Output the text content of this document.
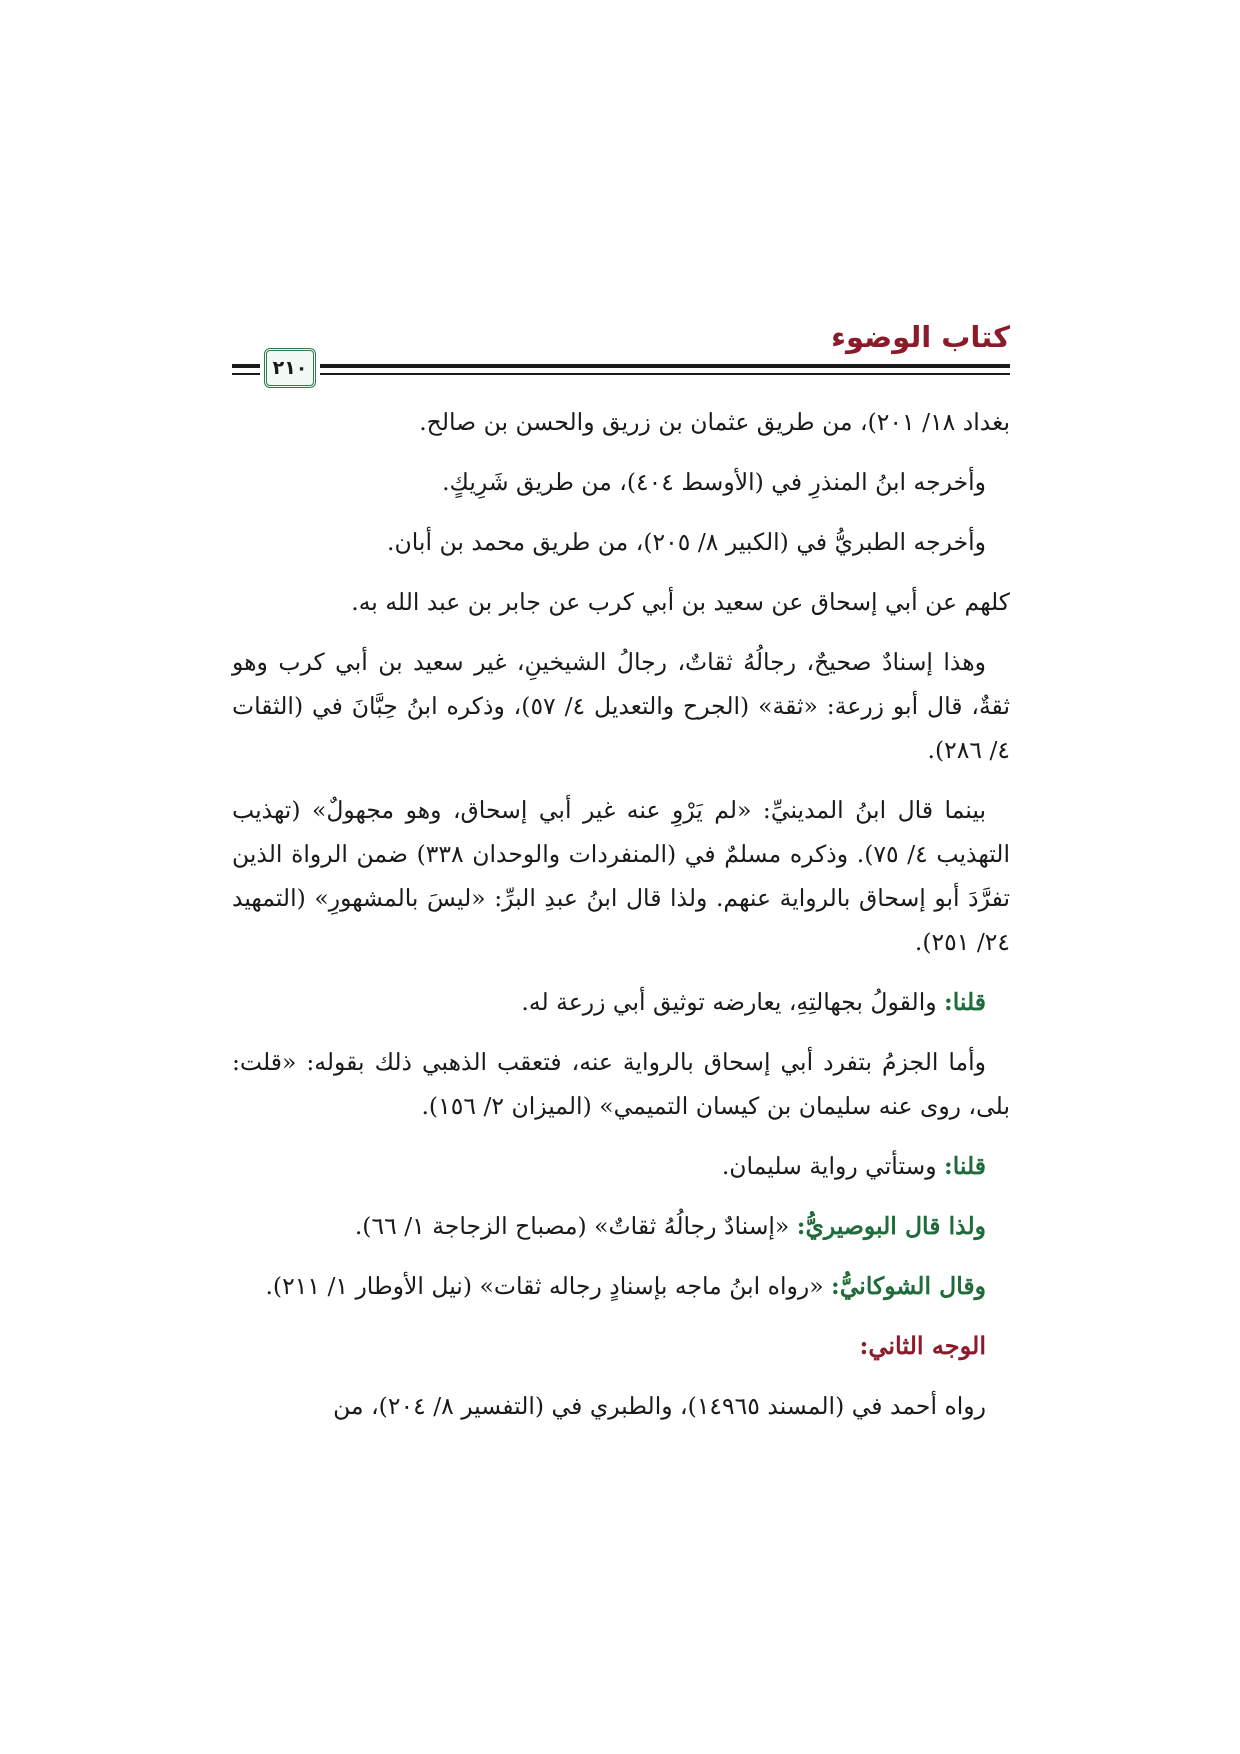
كتاب الوضوء
٢١٠

بغداد ١٨/ ٢٠١)، من طريق عثمان بن زريق والحسن بن صالح.

وأخرجه ابنُ المنذرِ في (الأوسط ٤٠٤)، من طريق شَرِيكٍ.

وأخرجه الطبريُّ في (الكبير ٨/ ٢٠٥)، من طريق محمد بن أبان.

كلهم عن أبي إسحاق عن سعيد بن أبي كرب عن جابر بن عبد الله به.

وهذا إسنادٌ صحيحٌ، رجالُهُ ثقاتٌ، رجالُ الشيخينِ، غير سعيد بن أبي كرب وهو ثقةٌ، قال أبو زرعة: «ثقة» (الجرح والتعديل ٤/ ٥٧)، وذكره ابنُ حِبَّانَ في (الثقات ٤/ ٢٨٦).

بينما قال ابنُ المدينيِّ: «لم يَرْوِ عنه غير أبي إسحاق، وهو مجهولٌ» (تهذيب التهذيب ٤/ ٧٥). وذكره مسلمٌ في (المنفردات والوحدان ٣٣٨) ضمن الرواة الذين تفرَّدَ أبو إسحاق بالرواية عنهم. ولذا قال ابنُ عبدِ البرِّ: «ليسَ بالمشهورِ» (التمهيد ٢٤/ ٢٥١).

قلنا: والقولُ بجهالتِهِ، يعارضه توثيق أبي زرعة له.

وأما الجزمُ بتفرد أبي إسحاق بالرواية عنه، فتعقب الذهبي ذلك بقوله: «قلت: بلى، روى عنه سليمان بن كيسان التميمي» (الميزان ٢/ ١٥٦).

قلنا: وستأتي رواية سليمان.

ولذا قال البوصيريُّ: «إسنادٌ رجالُهُ ثقاتٌ» (مصباح الزجاجة ١/ ٦٦).

وقال الشوكانيُّ: «رواه ابنُ ماجه بإسنادٍ رجاله ثقات» (نيل الأوطار ١/ ٢١١).

الوجه الثاني:

رواه أحمد في (المسند ١٤٩٦٥)، والطبري في (التفسير ٨/ ٢٠٤)، من
